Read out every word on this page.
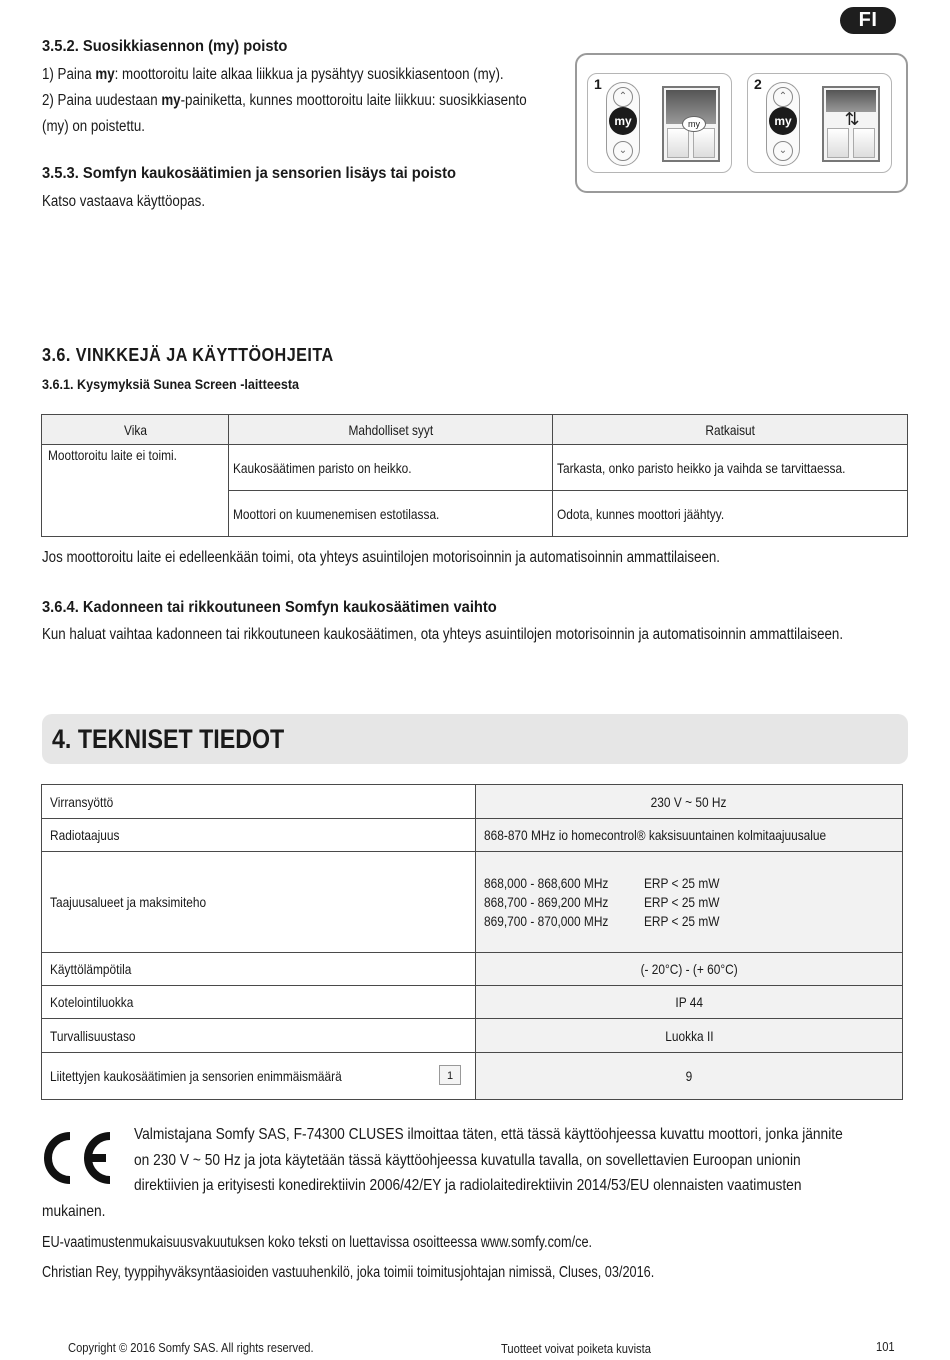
FI
3.5.2. Suosikkiasennon (my) poisto
1) Paina my: moottoroitu laite alkaa liikkua ja pysähtyy suosikkiasentoon (my).
2) Paina uudestaan my-painiketta, kunnes moottoroitu laite liikkuu: suosikkiasento
(my) on poistettu.
1
⌃
my
⌄
my
2
⌃
my
⌄
⇅
3.5.3. Somfyn kaukosäätimien ja sensorien lisäys tai poisto
Katso vastaava käyttöopas.
3.6. VINKKEJÄ JA KÄYTTÖOHJEITA
3.6.1. Kysymyksiä Sunea Screen -laitteesta
Vika	Mahdolliset syyt	Ratkaisut
Moottoroitu laite ei toimi.	Kaukosäätimen paristo on heikko.	Tarkasta, onko paristo heikko ja vaihda se tarvittaessa.
	Moottori on kuumenemisen estotilassa.	Odota, kunnes moottori jäähtyy.
Jos moottoroitu laite ei edelleenkään toimi, ota yhteys asuintilojen motorisoinnin ja automatisoinnin ammattilaiseen.
3.6.4. Kadonneen tai rikkoutuneen Somfyn kaukosäätimen vaihto
Kun haluat vaihtaa kadonneen tai rikkoutuneen kaukosäätimen, ota yhteys asuintilojen motorisoinnin ja automatisoinnin ammattilaiseen.
4. TEKNISET TIEDOT
Virransyöttö	230 V ~ 50 Hz
Radiotaajuus	868-870 MHz io homecontrol® kaksisuuntainen kolmitaajuusalue
Taajuusalueet ja maksimiteho	868,000 - 868,600 MHz ERP < 25 mW
868,700 - 869,200 MHz ERP < 25 mW
869,700 - 870,000 MHz ERP < 25 mW

Käyttölämpötila	(- 20°C) - (+ 60°C)
Kotelointiluokka	IP 44
Turvallisuustaso	Luokka II
Liitettyjen kaukosäätimien ja sensorien enimmäismäärä 1	9
Valmistajana Somfy SAS, F-74300 CLUSES ilmoittaa täten, että tässä käyttöohjeessa kuvattu moottori, jonka jännite
on 230 V ~ 50 Hz ja jota käytetään tässä käyttöohjeessa kuvatulla tavalla, on sovellettavien Euroopan unionin
direktiivien ja erityisesti konedirektiivin 2006/42/EY ja radiolaitedirektiivin 2014/53/EU olennaisten vaatimusten
mukainen.
EU-vaatimustenmukaisuusvakuutuksen koko teksti on luettavissa osoitteessa www.somfy.com/ce.
Christian Rey, tyyppihyväksyntäasioiden vastuuhenkilö, joka toimii toimitusjohtajan nimissä, Cluses, 03/2016.
Copyright © 2016 Somfy SAS. All rights reserved.	Tuotteet voivat poiketa kuvista	101
